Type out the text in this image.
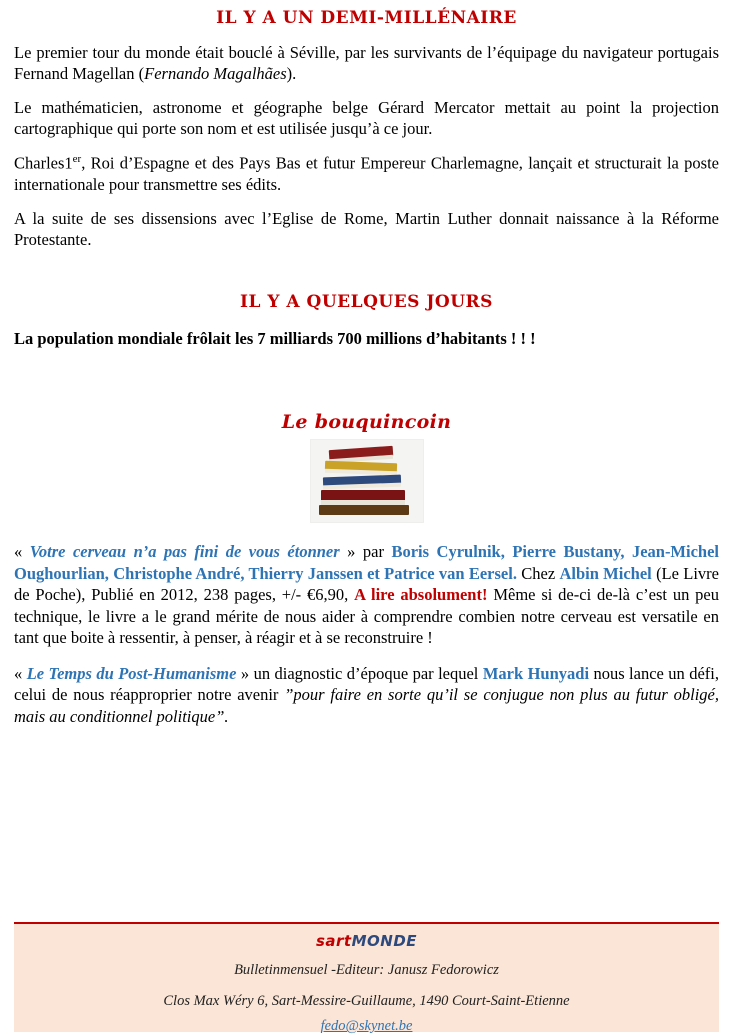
IL Y A UN DEMI-MILLÉNAIRE

Le premier tour du monde était bouclé à Séville, par les survivants de l’équipage du navigateur portugais Fernand Magellan (Fernando Magalhães).

Le mathématicien, astronome et géographe belge Gérard Mercator mettait au point la projection cartographique qui porte son nom et est utilisée jusqu’à ce jour.

Charles1er, Roi d’Espagne et des Pays Bas et futur Empereur Charlemagne, lançait et structurait la poste internationale pour transmettre ses édits.

A la suite de ses dissensions avec l’Eglise de Rome, Martin Luther donnait naissance à la Réforme Protestante.

IL Y A QUELQUES JOURS

La population mondiale frôlait les 7 milliards 700 millions d’habitants ! ! !

Le bouquincoin

« Votre cerveau n’a pas fini de vous étonner » par Boris Cyrulnik, Pierre Bustany, Jean-Michel Oughourlian, Christophe André, Thierry Janssen et Patrice van Eersel. Chez Albin Michel (Le Livre de Poche), Publié en 2012, 238 pages, +/- €6,90, A lire absolument! Même si de-ci de-là c’est un peu technique, le livre a le grand mérite de nous aider à comprendre combien notre cerveau est versatile en tant que boite à ressentir, à penser, à réagir et à se reconstruire !

« Le Temps du Post-Humanisme » un diagnostic d’époque par lequel Mark Hunyadi nous lance un défi, celui de nous réapproprier notre avenir ”pour faire en sorte qu’il se conjugue non plus au futur obligé, mais au conditionnel politique”.

sartMONDE
Bulletinmensuel -Editeur: Janusz Fedorowicz
Clos Max Wéry 6, Sart-Messire-Guillaume, 1490 Court-Saint-Etienne
fedo@skynet.be
